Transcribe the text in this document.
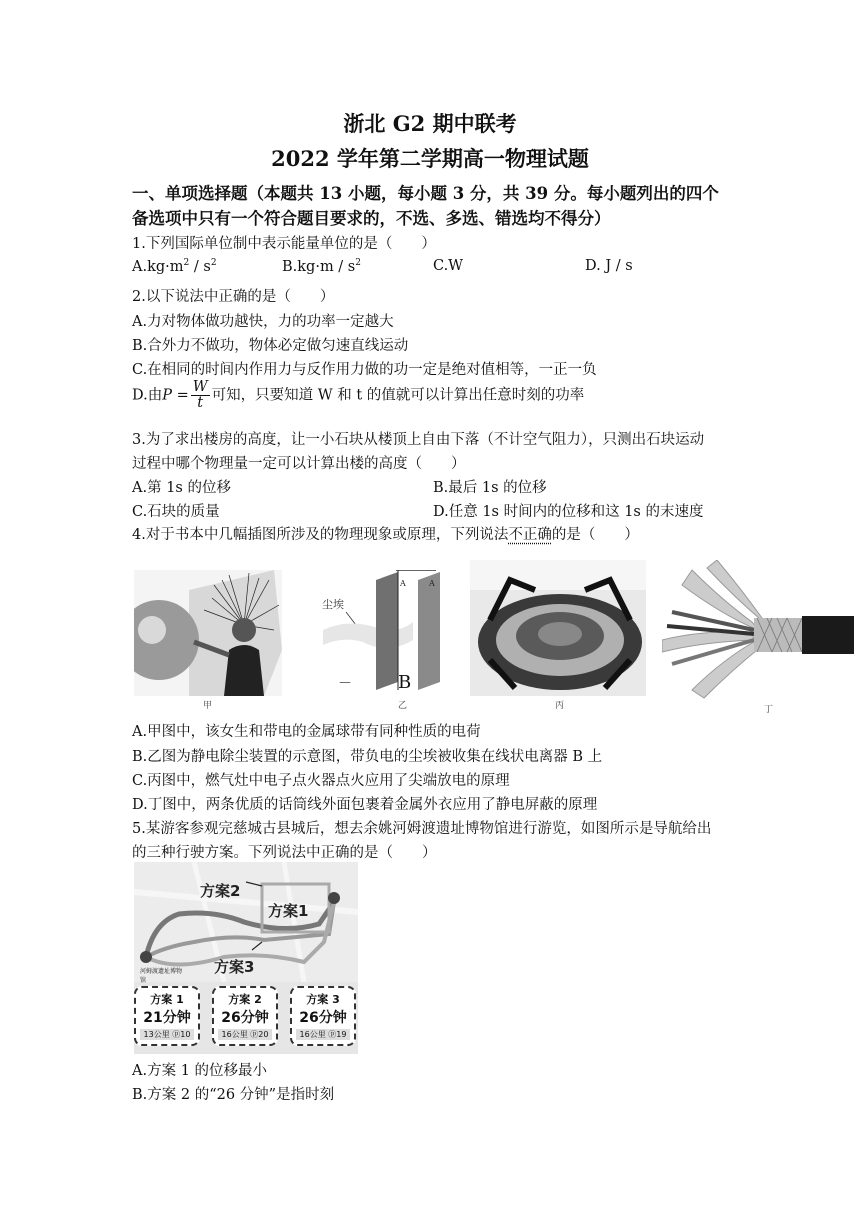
浙北 G2 期中联考
2022 学年第二学期高一物理试题
一、单项选择题（本题共 13 小题，每小题 3 分，共 39 分。每小题列出的四个
备选项中只有一个符合题目要求的，不选、多选、错选均不得分）
1.下列国际单位制中表示能量单位的是（　　）
$A.kg\cdot m^2 / s^2$	$B.kg\cdot m / s^2$	C.W	D. J / s
2.以下说法中正确的是（　　）
A.力对物体做功越快，力的功率一定越大
B.合外力不做功，物体必定做匀速直线运动
C.在相同的时间内作用力与反作用力做的功一定是绝对值相等，一正一负
D.由$P = \frac{W}{t}$ 可知，只要知道 W 和 t 的值就可以计算出任意时刻的功率
3.为了求出楼房的高度，让一小石块从楼顶上自由下落（不计空气阻力），只测出石块运动
过程中哪个物理量一定可以计算出楼的高度（　　）
A.第 1s 的位移	B.最后 1s 的位移
C.石块的质量	D.任意 1s 时间内的位移和这 1s 的末速度
4.对于书本中几幅插图所涉及的物理现象或原理，下列说法不正确的是（　　）
甲
尘埃
A	A
－	B
乙	丙	丁
A.甲图中，该女生和带电的金属球带有同种性质的电荷
B.乙图为静电除尘装置的示意图，带负电的尘埃被收集在线状电离器 B 上
C.丙图中，燃气灶中电子点火器点火应用了尖端放电的原理
D.丁图中，两条优质的话筒线外面包裹着金属外衣应用了静电屏蔽的原理
5.某游客参观完慈城古县城后，想去余姚河姆渡遗址博物馆进行游览，如图所示是导航给出
的三种行驶方案。下列说法中正确的是（　　）
方案2
方案1
方案3
河姆渡遗址博物馆
方案 1
21分钟
13公里 ⓟ10
方案 2
26分钟
16公里 ⓟ20
方案 3
26分钟
16公里 ⓟ19
A.方案 1 的位移最小
B.方案 2 的“26 分钟”是指时刻
